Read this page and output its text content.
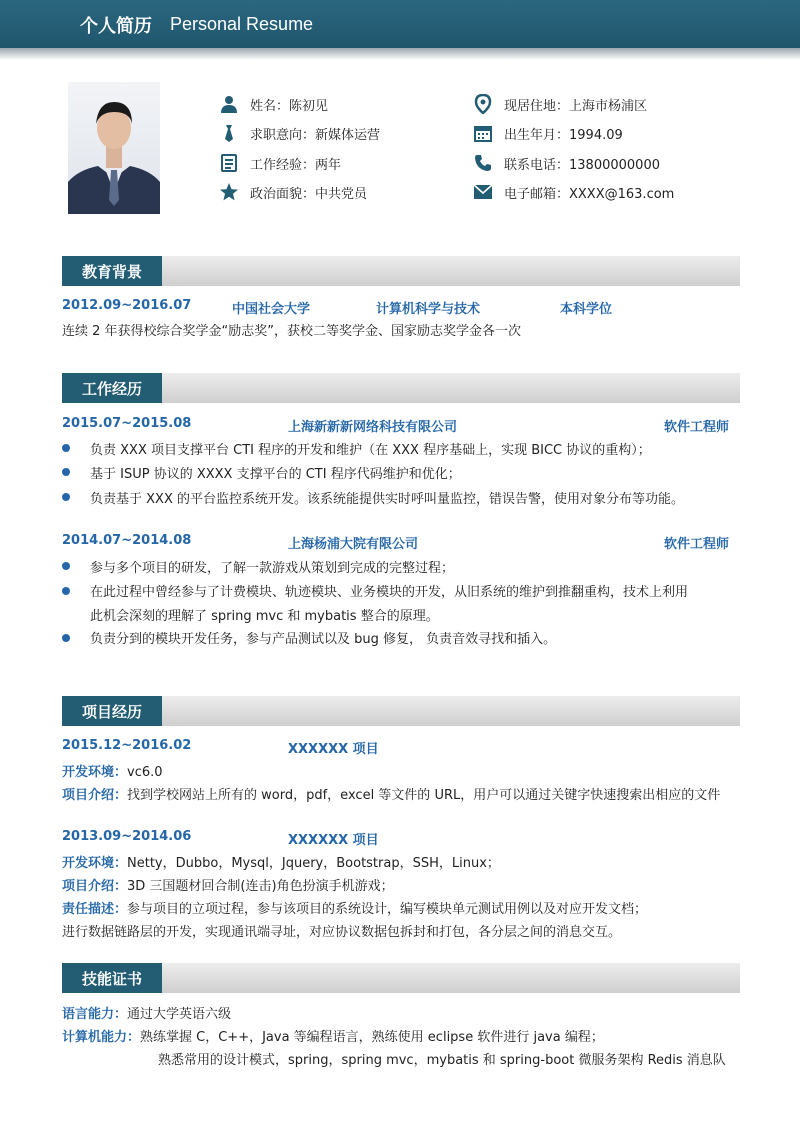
个人简历 Personal Resume
姓名：陈初见
求职意向：新媒体运营
工作经验：两年
政治面貌：中共党员
现居住地：上海市杨浦区
出生年月：1994.09
联系电话：13800000000
电子邮箱：XXXX@163.com
教育背景
2012.09~2016.07	中国社会大学	计算机科学与技术	本科学位
连续 2 年获得校综合奖学金“励志奖”，获校二等奖学金、国家励志奖学金各一次
工作经历
2015.07~2015.08	上海新新新网络科技有限公司	软件工程师
负责 XXX 项目支撑平台 CTI 程序的开发和维护（在 XXX 程序基础上，实现 BICC 协议的重构）；
基于 ISUP 协议的 XXXX 支撑平台的 CTI 程序代码维护和优化；
负责基于 XXX 的平台监控系统开发。该系统能提供实时呼叫量监控，错误告警，使用对象分布等功能。
2014.07~2014.08	上海杨浦大院有限公司	软件工程师
参与多个项目的研发，了解一款游戏从策划到完成的完整过程；
在此过程中曾经参与了计费模块、轨迹模块、业务模块的开发，从旧系统的维护到推翻重构，技术上利用
此机会深刻的理解了 spring mvc 和 mybatis 整合的原理。
负责分到的模块开发任务，参与产品测试以及 bug 修复， 负责音效寻找和插入。
项目经历
2015.12~2016.02	XXXXXX 项目
开发环境：vc6.0
项目介绍：找到学校网站上所有的 word，pdf，excel 等文件的 URL，用户可以通过关键字快速搜索出相应的文件
2013.09~2014.06	XXXXXX 项目
开发环境：Netty，Dubbo，Mysql，Jquery，Bootstrap，SSH，Linux；
项目介绍：3D 三国题材回合制(连击)角色扮演手机游戏；
责任描述：参与项目的立项过程，参与该项目的系统设计，编写模块单元测试用例以及对应开发文档；
进行数据链路层的开发，实现通讯端寻址，对应协议数据包拆封和打包，各分层之间的消息交互。
技能证书
语言能力：通过大学英语六级
计算机能力：熟练掌握 C，C++，Java 等编程语言，熟练使用 eclipse 软件进行 java 编程；
熟悉常用的设计模式，spring，spring mvc，mybatis 和 spring-boot 微服务架构 Redis 消息队
